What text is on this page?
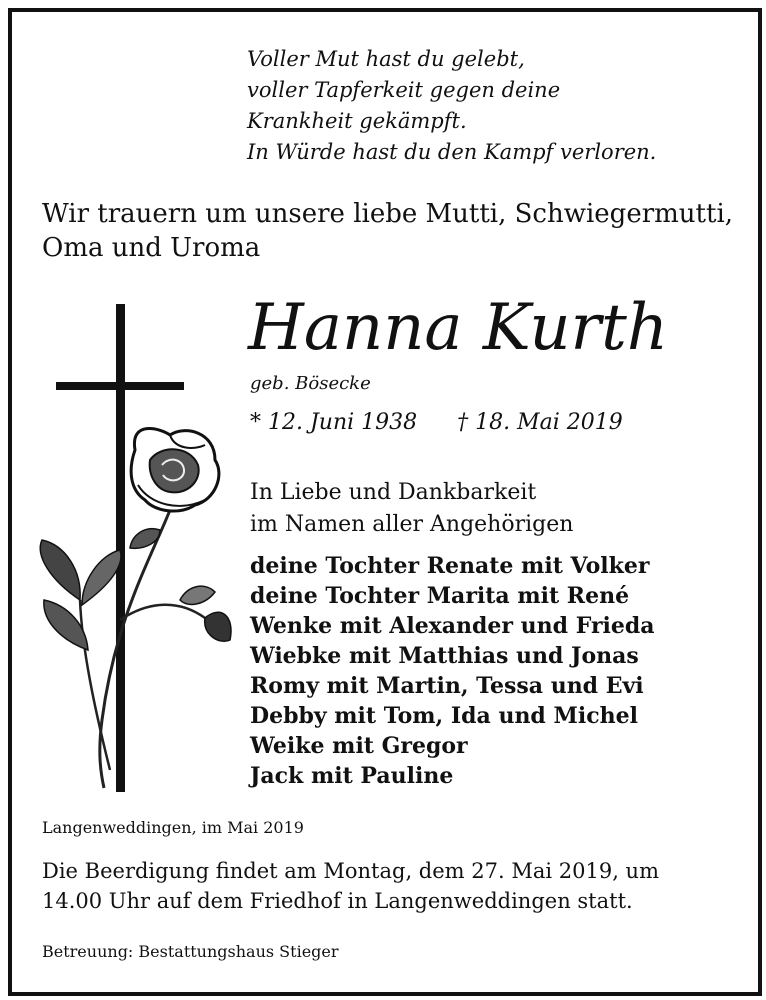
Voller Mut hast du gelebt,
voller Tapferkeit gegen deine
Krankheit gekämpft.
In Würde hast du den Kampf verloren.
Wir trauern um unsere liebe Mutti, Schwiegermutti,
Oma und Uroma
Hanna Kurth
geb. Bösecke
* 12. Juni 1938 † 18. Mai 2019
In Liebe und Dankbarkeit
im Namen aller Angehörigen
deine Tochter Renate mit Volker
deine Tochter Marita mit René
Wenke mit Alexander und Frieda
Wiebke mit Matthias und Jonas
Romy mit Martin, Tessa und Evi
Debby mit Tom, Ida und Michel
Weike mit Gregor
Jack mit Pauline
Langenweddingen, im Mai 2019
Die Beerdigung findet am Montag, dem 27. Mai 2019, um
14.00 Uhr auf dem Friedhof in Langenweddingen statt.
Betreuung: Bestattungshaus Stieger
